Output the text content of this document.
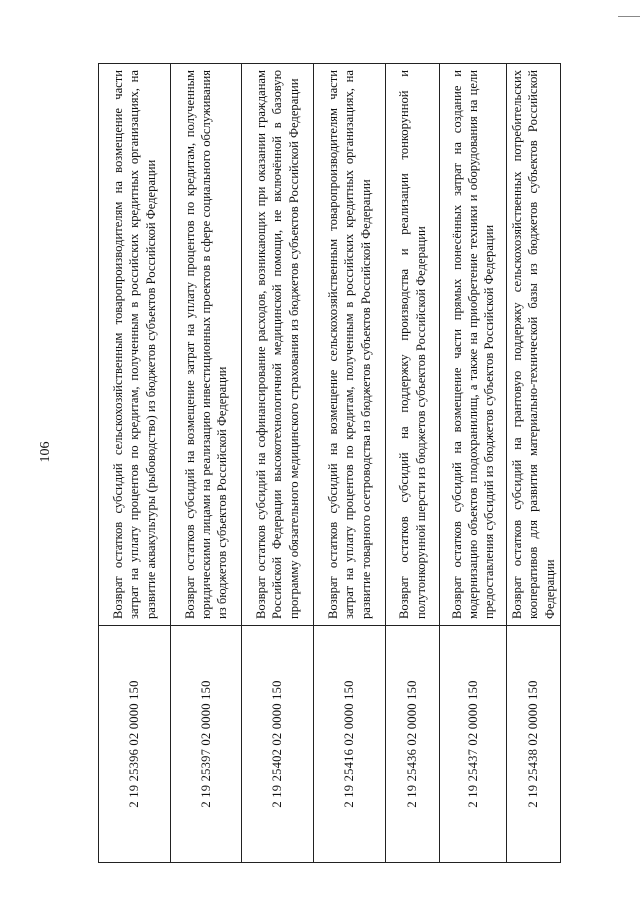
106
2 19 25396 02 0000 150	Возврат остатков субсидий сельскохозяйственным товаропроизводителям на возмещение части затрат на уплату процентов по кредитам, полученным в российских кредитных организациях, на развитие аквакультуры (рыбоводство) из бюджетов субъектов Российской Федерации
2 19 25397 02 0000 150	Возврат остатков субсидий на возмещение затрат на уплату процентов по кредитам, полученным юридическими лицами на реализацию инвестиционных проектов в сфере социального обслуживания из бюджетов субъектов Российской Федерации
2 19 25402 02 0000 150	Возврат остатков субсидий на софинансирование расходов, возникающих при оказании гражданам Российской Федерации высокотехнологичной медицинской помощи, не включённой в базовую программу обязательного медицинского страхования из бюджетов субъектов Российской Федерации
2 19 25416 02 0000 150	Возврат остатков субсидий на возмещение сельскохозяйственным товаропроизводителям части затрат на уплату процентов по кредитам, полученным в российских кредитных организациях, на развитие товарного осетроводства из бюджетов субъектов Российской Федерации
2 19 25436 02 0000 150	Возврат остатков субсидий на поддержку производства и реализации тонкорунной и полутонкорунной шерсти из бюджетов субъектов Российской Федерации
2 19 25437 02 0000 150	Возврат остатков субсидий на возмещение части прямых понесённых затрат на создание и модернизацию объектов плодохранилищ, а также на приобретение техники и оборудования на цели предоставления субсидий из бюджетов субъектов Российской Федерации
2 19 25438 02 0000 150	Возврат остатков субсидий на грантовую поддержку сельскохозяйственных потребительских кооперативов для развития материально-технической базы из бюджетов субъектов Российской Федерации
